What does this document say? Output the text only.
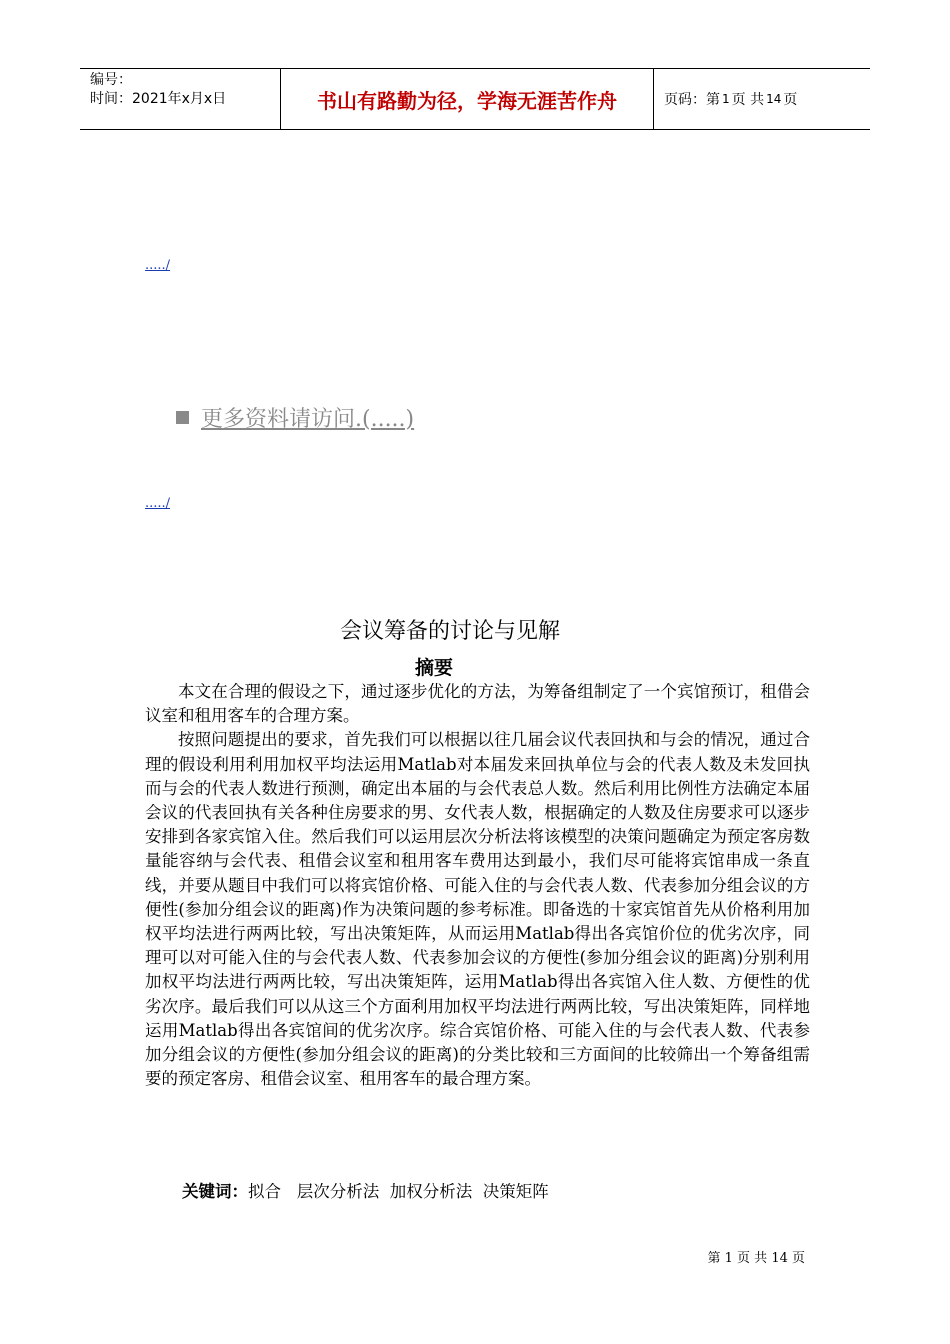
编号：
时间：2021年x月x日	书山有路勤为径，学海无涯苦作舟	页码：第 1 页 共 14 页
...../
更多资料请访问.(.....)
...../
会议筹备的讨论与见解
摘要

本文在合理的假设之下，通过逐步优化的方法，为筹备组制定了一个宾馆预订，租借会议室和租用客车的合理方案。

按照问题提出的要求，首先我们可以根据以往几届会议代表回执和与会的情况，通过合理的假设利用利用加权平均法运用Matlab对本届发来回执单位与会的代表人数及未发回执而与会的代表人数进行预测，确定出本届的与会代表总人数。然后利用比例性方法确定本届会议的代表回执有关各种住房要求的男、女代表人数，根据确定的人数及住房要求可以逐步安排到各家宾馆入住。然后我们可以运用层次分析法将该模型的决策问题确定为预定客房数量能容纳与会代表、租借会议室和租用客车费用达到最小，我们尽可能将宾馆串成一条直线，并要从题目中我们可以将宾馆价格、可能入住的与会代表人数、代表参加分组会议的方便性(参加分组会议的距离)作为决策问题的参考标准。即备选的十家宾馆首先从价格利用加权平均法进行两两比较，写出决策矩阵，从而运用Matlab得出各宾馆价位的优劣次序，同理可以对可能入住的与会代表人数、代表参加会议的方便性(参加分组会议的距离)分别利用加权平均法进行两两比较，写出决策矩阵，运用Matlab得出各宾馆入住人数、方便性的优劣次序。最后我们可以从这三个方面利用加权平均法进行两两比较，写出决策矩阵，同样地运用Matlab得出各宾馆间的优劣次序。综合宾馆价格、可能入住的与会代表人数、代表参加分组会议的方便性(参加分组会议的距离)的分类比较和三方面间的比较筛出一个筹备组需要的预定客房、租借会议室、租用客车的最合理方案。

关键词：拟合   层次分析法  加权分析法  决策矩阵
第 1 页 共 14 页
